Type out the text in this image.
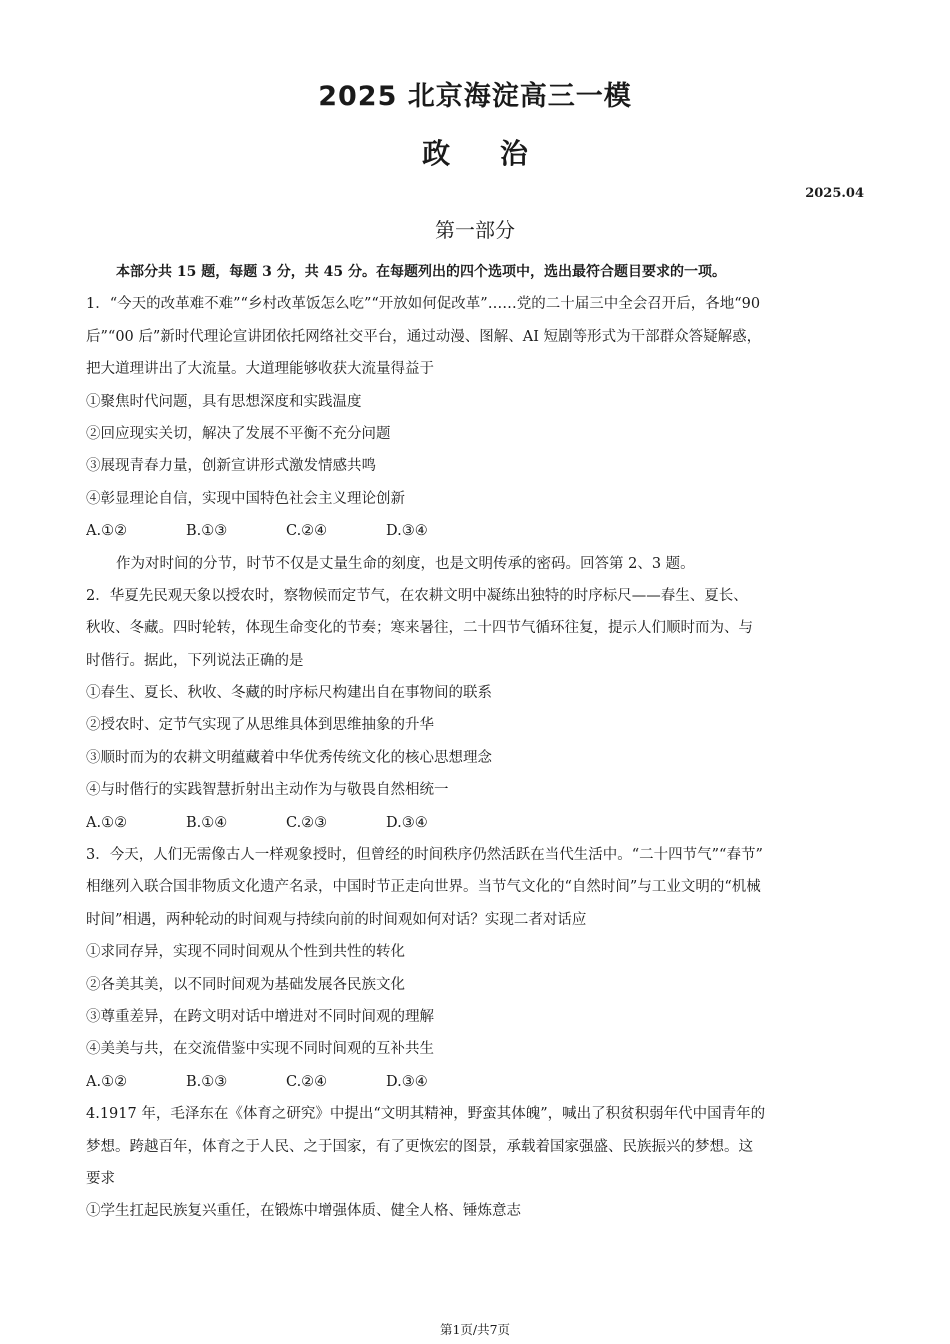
2025 北京海淀高三一模
政 治
2025.04
第一部分
本部分共 15 题，每题 3 分，共 45 分。在每题列出的四个选项中，选出最符合题目要求的一项。
1．“今天的改革难不难”“乡村改革饭怎么吃”“开放如何促改革”……党的二十届三中全会召开后，各地“90
后”“00 后”新时代理论宣讲团依托网络社交平台，通过动漫、图解、AI 短剧等形式为干部群众答疑解惑，
把大道理讲出了大流量。大道理能够收获大流量得益于
①聚焦时代问题，具有思想深度和实践温度
②回应现实关切，解决了发展不平衡不充分问题
③展现青春力量，创新宣讲形式激发情感共鸣
④彰显理论自信，实现中国特色社会主义理论创新
A.①②	B.①③	C.②④	D.③④
作为对时间的分节，时节不仅是丈量生命的刻度，也是文明传承的密码。回答第 2、3 题。
2．华夏先民观天象以授农时，察物候而定节气，在农耕文明中凝练出独特的时序标尺——春生、夏长、
秋收、冬藏。四时轮转，体现生命变化的节奏；寒来暑往，二十四节气循环往复，提示人们顺时而为、与
时偕行。据此，下列说法正确的是
①春生、夏长、秋收、冬藏的时序标尺构建出自在事物间的联系
②授农时、定节气实现了从思维具体到思维抽象的升华
③顺时而为的农耕文明蕴藏着中华优秀传统文化的核心思想理念
④与时偕行的实践智慧折射出主动作为与敬畏自然相统一
A.①②	B.①④	C.②③	D.③④
3．今天，人们无需像古人一样观象授时，但曾经的时间秩序仍然活跃在当代生活中。“二十四节气”“春节”
相继列入联合国非物质文化遗产名录，中国时节正走向世界。当节气文化的“自然时间”与工业文明的“机械
时间”相遇，两种轮动的时间观与持续向前的时间观如何对话？实现二者对话应
①求同存异，实现不同时间观从个性到共性的转化
②各美其美，以不同时间观为基础发展各民族文化
③尊重差异，在跨文明对话中增进对不同时间观的理解
④美美与共，在交流借鉴中实现不同时间观的互补共生
A.①②	B.①③	C.②④	D.③④
4.1917 年，毛泽东在《体育之研究》中提出“文明其精神，野蛮其体魄”，喊出了积贫积弱年代中国青年的
梦想。跨越百年，体育之于人民、之于国家，有了更恢宏的图景，承载着国家强盛、民族振兴的梦想。这
要求
①学生扛起民族复兴重任，在锻炼中增强体质、健全人格、锤炼意志
第1页/共7页
